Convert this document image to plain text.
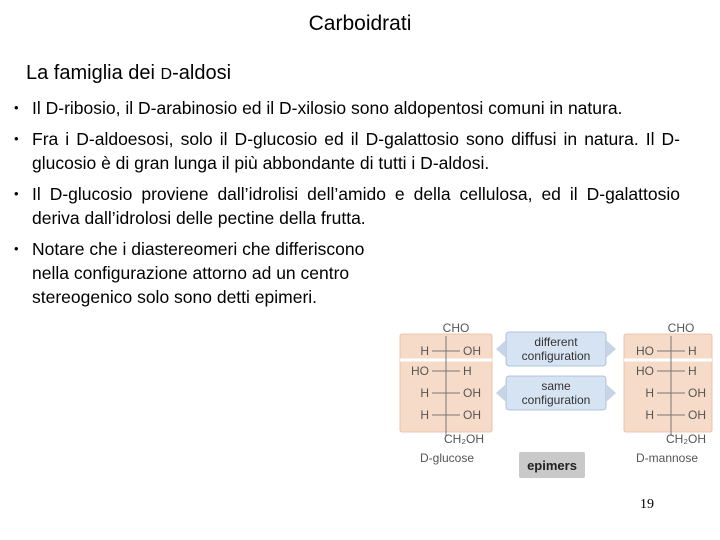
Carboidrati
La famiglia dei D-aldosi
• Il D-ribosio, il D-arabinosio ed il D-xilosio sono aldopentosi comuni in natura.
• Fra i D-aldoesosi, solo il D-glucosio ed il D-galattosio sono diffusi in natura. Il D-glucosio è di gran lunga il più abbondante di tutti i D-aldosi.
• Il D-glucosio proviene dall’idrolisi dell’amido e della cellulosa, ed il D-galattosio deriva dall’idrolosi delle pectine della frutta.
• Notare che i diastereomeri che differiscono nella configurazione attorno ad un centro stereogenico solo sono detti epimeri.
different
configuration
same
configuration
CHO
H	OH
HO	H
H	OH
H	OH
CH₂OH
D-glucose
CHO
HO	H
HO	H
H	OH
H	OH
CH₂OH
D-mannose
epimers
19
